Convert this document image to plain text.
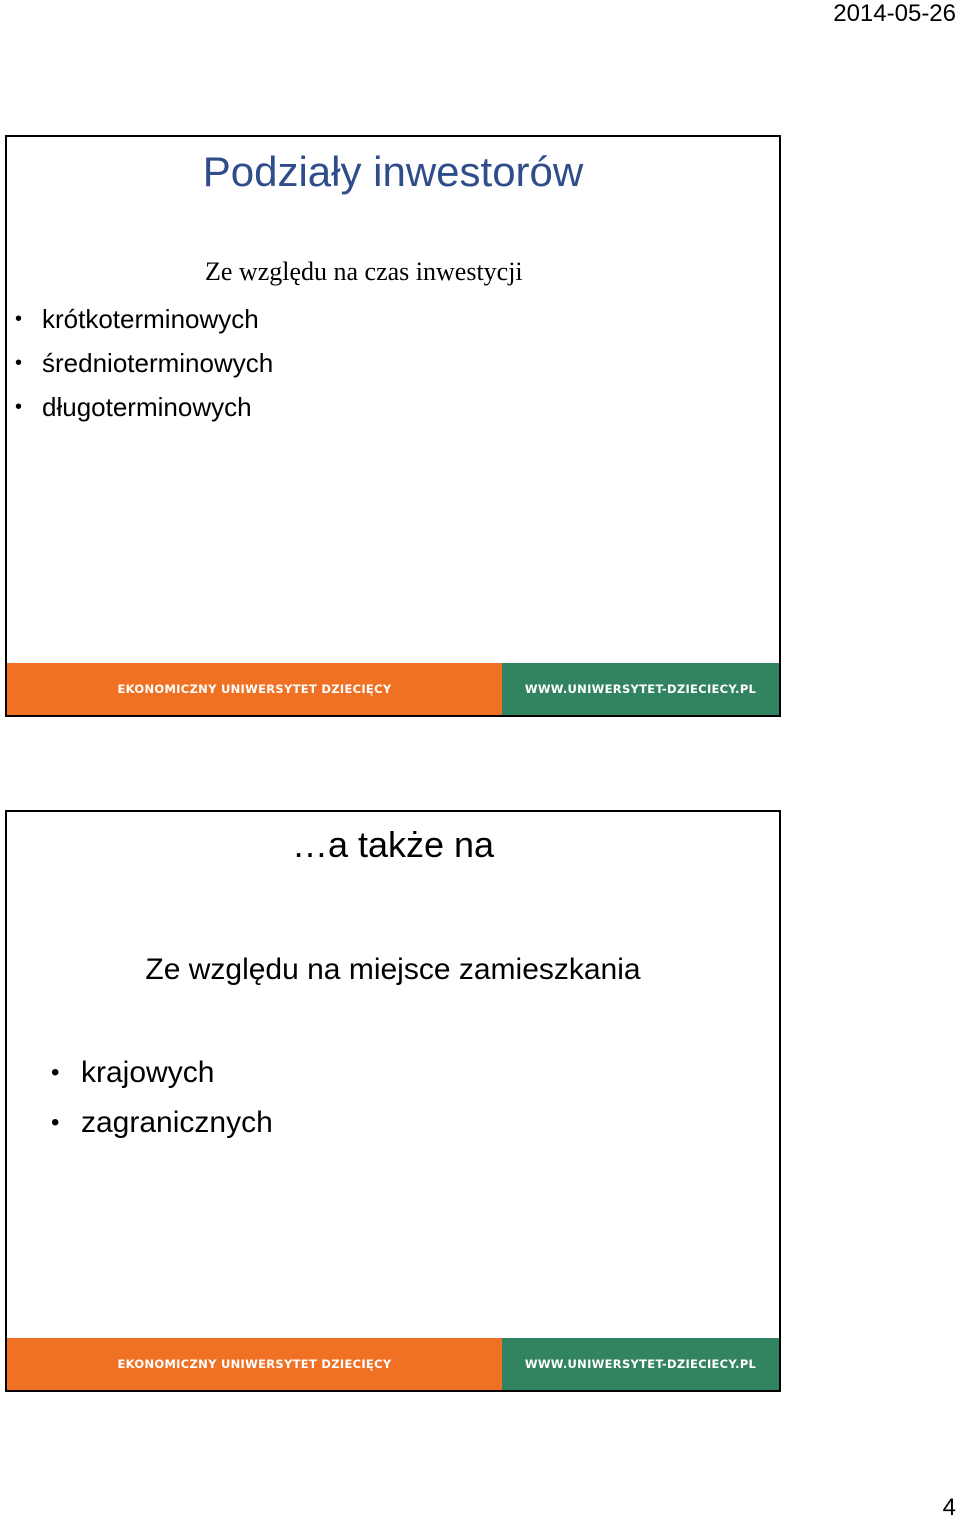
2014-05-26
Podziały inwestorów
Ze względu na czas inwestycji
• krótkoterminowych
• średnioterminowych
• długoterminowych
EKONOMICZNY UNIWERSYTET DZIECIĘCY	WWW.UNIWERSYTET-DZIECIECY.PL
…a także na
Ze względu na miejsce zamieszkania
• krajowych
• zagranicznych
EKONOMICZNY UNIWERSYTET DZIECIĘCY	WWW.UNIWERSYTET-DZIECIECY.PL
4
